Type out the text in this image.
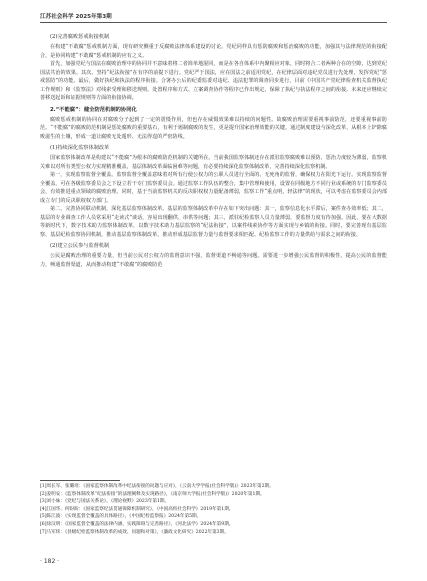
江苏社会科学 2025年第3期
(2)完善腐败惩戒衔接机制

在构建“不敢腐”惩戒机制方面，现有研究侧重于反腐败法律体系建设的讨论。党纪同样具有惩防腐败和惩治腐败的功能，加强其与法律规范的衔接配合，是协同构建“不敢腐”惩戒机制的应有之义。

首先，加强党纪与国法在腐败治理中的协同并不意味着将二者简单地混同，而是在各自体系中内聚相应对象，同时将合二者两种合在的空隙，达到党纪国法共治的效果。其次，坚持“纪法衔接”在有序的前提下进行。党纪严于国法，应在国法之前适用党纪，在纪律层面对违纪党员进行先处理，发挥党纪“惩戒惩防”的功能。最后，做好执纪和执法的程序衔接。合署办公后的纪委监委对违纪、违法犯罪的调查同步进行，目前《中国共产党纪律检查机关监督执纪工作规则》和《监察法》对线索受理和移送规则、处置程序和方式、立案调查协作等程序已作出规定，保障了执纪与执法程序之间的衔接。未来还应继续完善移送起诉和证据规则等方面的衔接协调。

2.“不能腐”：健全防范机制的协同化

腐败惩戒机制的协同在对腐败分子起到了一定的震慑作用，但也存在威慑效果难以持续的问题性。故腐败治理需要重视事前防范，还要重视事前防范。“不能腐”的腐败防范机制是惩处腐败的重要基石，有利于遏制腐败的发生，更是提升国家治理效能的关键。通过制度建设与深化改革，从根本上铲除腐败滋生的土壤，形成一道让腐败无处遁形、无法得逞的严密防线。

(1)持续深化监察体制改革

国家监察体制改革是构建以“不能腐”为根本的腐败防范机制的关键所在。当前我国监察体制还存在派驻监察腐败难以预防、惩治力度较为薄弱，监察机关难以对所有类型公权力实现精准覆盖，基层体制改革面临困难等问题，有必要持续深化监察体制改革，完善持续深化监察机制。

第一，实现监察监督全覆盖。监察监督全覆盖意味着对所有行使公权力的公职人员进行全面的、无死角的监督，确保权力在阳光下运行。实现监察监督全覆盖，可在各级监察委员会之下设立若干专门监察委员会。通过监察工作队伍的整合，集中管理和使用，设置在同级地方不同行业或系统的专门监察委员会，有效推进重点领域的腐败治理。同时，基于当前监察机关的反决职权权力量配备薄弱，监察工作“重点明，轻法律”的现状，可以考虑在监察委员会内部成立专门的反决职权权力部门。

第二，完善协同联动机制，深化基层监察体制改革。基层的监察体制改革中存在如下突出问题：其一，监察信息化水平滞后，案件查办效率低；其二，基层的专业调查工作人员常采用“走读式”谈话，容易出现翻供、串供等问题；其三，派驻纪检监察人员力量薄弱，要监督力度有待加强。因此，要在大数据等新时代下，数字技术助力监察体制改革，以数字技术助力基层监察的“纪法衔接”，以案件线索协作等方面实现与乡镇的衔接。同时，要完善现有基层监察、基层纪检监察协同机制，推动基层监察体制改革，推动形成基层监督力量与监督要求相匹配、纪检监察工作的力量供给与需求之间的衔接。

(2)建立公民参与监督机制

公民是腐败治理的重要力量，但当前公民对公权力的监督意识不强，监督渠道不畅通等问题。需要进一步增强公民监督的积极性，提高公民的监督能力，畅通监督渠道，从而推动构建“不敢腐”的腐败防范

[1]周长军、张璐瑶：《国家监察体制改革中纪法衔接的问题与应对》，《云南大学学报(社会科学版)》2023年第2期。

[2]姜明安：《监察体制改革“纪法衔接”的法理阐释及实现路径》，《南京师大学报(社会科学版)》2020年第1期。

[3]刘小妹：《党纪与国法关系论》，《理论视野》2023年第1期。

[4]江国华、何盼盼：《国家监察纪法贯通保障机制研究》，《中国高校社会科学》2019年第1期。

[5]陈江波：《实现监督全覆盖的具体路径》，《中国纪检监察报》2024年第5期。

[6]徐汉明：《国家监督全覆盖的法律内涵、实践障碍与完善路径》，《河北法学》2024年第9期。

[7]马军炜：《县级纪检监察体制改革的成效、问题和对策》，《廉政文化研究》2022年第3期。

· 182 ·
